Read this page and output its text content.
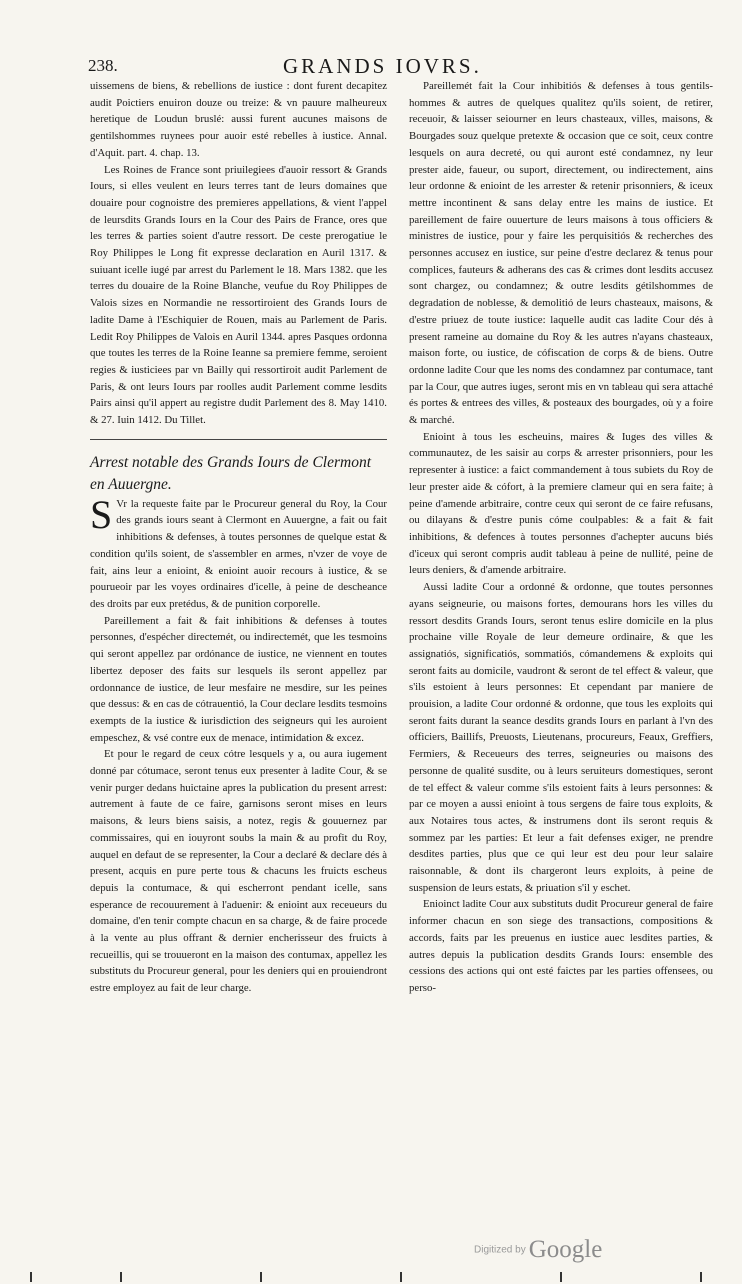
238.	GRANDS IOVRS.

uissemens de biens, & rebellions de iustice : dont furent decapitez audit Poictiers enuiron douze ou treize: & vn pauure malheureux heretique de Loudun bruslé: aussi furent aucunes maisons de gentilshommes ruynees pour auoir esté rebelles à iustice. Annal. d'Aquit. part. 4. chap. 13.

Les Roines de France sont priuilegiees d'auoir ressort & Grands Iours, si elles veulent en leurs terres tant de leurs domaines que douaire pour cognoistre des premieres appellations, & vient l'appel de leursdits Grands Iours en la Cour des Pairs de France, ores que les terres & parties soient d'autre ressort. De ceste prerogatiue le Roy Philippes le Long fit expresse declaration en Auril 1317. & suiuant icelle iugé par arrest du Parlement le 18. Mars 1382. que les terres du douaire de la Roine Blanche, veufue du Roy Philippes de Valois sizes en Normandie ne ressortiroient des Grands Iours de ladite Dame à l'Eschiquier de Rouen, mais au Parlement de Paris. Ledit Roy Philippes de Valois en Auril 1344. apres Pasques ordonna que toutes les terres de la Roine Ieanne sa premiere femme, seroient regies & iusticiees par vn Bailly qui ressortiroit audit Parlement de Paris, & ont leurs Iours par roolles audit Parlement comme lesdits Pairs ainsi qu'il appert au registre dudit Parlement des 8. May 1410. & 27. Iuin 1412. Du Tillet.

Arrest notable des Grands Iours de Clermont en Auuergne.

S Vr la requeste faite par le Procureur general du Roy, la Cour des grands iours seant à Clermont en Auuergne, a fait ou fait inhibitions & defenses, à toutes personnes de quelque estat & condition qu'ils soient, de s'assembler en armes, n'vzer de voye de fait, ains leur a enioint, & enioint auoir recours à iustice, & se pourueoir par les voyes ordinaires d'icelle, à peine de descheance des droits par eux pretédus, & de punition corporelle.

Pareillement a fait & fait inhibitions & defenses à toutes personnes, d'espécher directemét, ou indirectemét, que les tesmoins qui seront appellez par ordónance de iustice, ne viennent en toutes libertez deposer des faits sur lesquels ils seront appellez par ordonnance de iustice, de leur mesfaire ne mesdire, sur les peines que dessus: & en cas de cótrauentió, la Cour declare lesdits tesmoins exempts de la iustice & iurisdiction des seigneurs qui les auroient empeschez, & vsé contre eux de menace, intimidation & excez.

Et pour le regard de ceux cótre lesquels y a, ou aura iugement donné par cótumace, seront tenus eux presenter à ladite Cour, & se venir purger dedans huictaine apres la publication du present arrest: autrement à faute de ce faire, garnisons seront mises en leurs maisons, & leurs biens saisis, a notez, regis & gouuernez par commissaires, qui en iouyront soubs la main & au profit du Roy, auquel en defaut de se representer, la Cour a declaré & declare dés à present, acquis en pure perte tous & chacuns les fruicts escheus depuis la contumace, & qui escherront pendant icelle, sans esperance de recouurement à l'aduenir: & enioint aux receueurs du domaine, d'en tenir compte chacun en sa charge, & de faire procede à la vente au plus offrant & dernier encherisseur des fruicts à recueillis, qui se trouueront en la maison des contumax, appellez les substituts du Procureur general, pour les deniers qui en prouiendront estre employez au fait de leur charge.

Pareillemét fait la Cour inhibitiós & defenses à tous gentils-hommes & autres de quelques qualitez qu'ils soient, de retirer, receuoir, & laisser seiourner en leurs chasteaux, villes, maisons, & Bourgades souz quelque pretexte & occasion que ce soit, ceux contre lesquels on aura decreté, ou qui auront esté condamnez, ny leur prester aide, faueur, ou suport, directement, ou indirectement, ains leur ordonne & enioint de les arrester & retenir prisonniers, & iceux mettre incontinent & sans delay entre les mains de iustice. Et pareillement de faire ouuerture de leurs maisons à tous officiers & ministres de iustice, pour y faire les perquisitiós & recherches des personnes accusez en iustice, sur peine d'estre declarez & tenus pour complices, fauteurs & adherans des cas & crimes dont lesdits accusez sont chargez, ou condamnez; & outre lesdits gétilshommes de degradation de noblesse, & demolitió de leurs chasteaux, maisons, & d'estre priuez de toute iustice: laquelle audit cas ladite Cour dés à present rameine au domaine du Roy & les autres n'ayans chasteaux, maison forte, ou iustice, de cófiscation de corps & de biens. Outre ordonne ladite Cour que les noms des condamnez par contumace, tant par la Cour, que autres iuges, seront mis en vn tableau qui sera attaché és portes & entrees des villes, & posteaux des bourgades, où y a foire & marché.

Enioint à tous les escheuins, maires & Iuges des villes & communautez, de les saisir au corps & arrester prisonniers, pour les representer à iustice: a faict commandement à tous subiets du Roy de leur prester aide & cófort, à la premiere clameur qui en sera faite; à peine d'amende arbitraire, contre ceux qui seront de ce faire refusans, ou dilayans & d'estre punis cóme coulpables: & a fait & fait inhibitions, & defences à toutes personnes d'achepter aucuns biés d'iceux qui seront compris audit tableau à peine de nullité, peine de leurs deniers, & d'amende arbitraire.

Aussi ladite Cour a ordonné & ordonne, que toutes personnes ayans seigneurie, ou maisons fortes, demourans hors les villes du ressort desdits Grands Iours, seront tenus eslire domicile en la plus prochaine ville Royale de leur demeure ordinaire, & que les assignatiós, significatiós, sommatiós, cómandemens & exploits qui seront faits au domicile, vaudront & seront de tel effect & valeur, que s'ils estoient à leurs personnes: Et cependant par maniere de prouision, a ladite Cour ordonné & ordonne, que tous les exploits qui seront faits durant la seance desdits grands Iours en parlant à l'vn des officiers, Baillifs, Preuosts, Lieutenans, procureurs, Feaux, Greffiers, Fermiers, & Receueurs des terres, seigneuries ou maisons des personne de qualité susdite, ou à leurs seruiteurs domestiques, seront de tel effect & valeur comme s'ils estoient faits à leurs personnes: & par ce moyen a aussi enioint à tous sergens de faire tous exploits, & aux Notaires tous actes, & instrumens dont ils seront requis & sommez par les parties: Et leur a fait defenses exiger, ne prendre desdites parties, plus que ce qui leur est deu pour leur salaire raisonnable, & dont ils chargeront leurs exploits, à peine de suspension de leurs estats, & priuation s'il y eschet.

Enioinct ladite Cour aux substituts dudit Procureur general de faire informer chacun en son siege des transactions, compositions & accords, faits par les preuenus en iustice auec lesdites parties, & autres depuis la publication desdits Grands Iours: ensemble des cessions des actions qui ont esté faictes par les parties offensees, ou perso-

Digitized by Google
